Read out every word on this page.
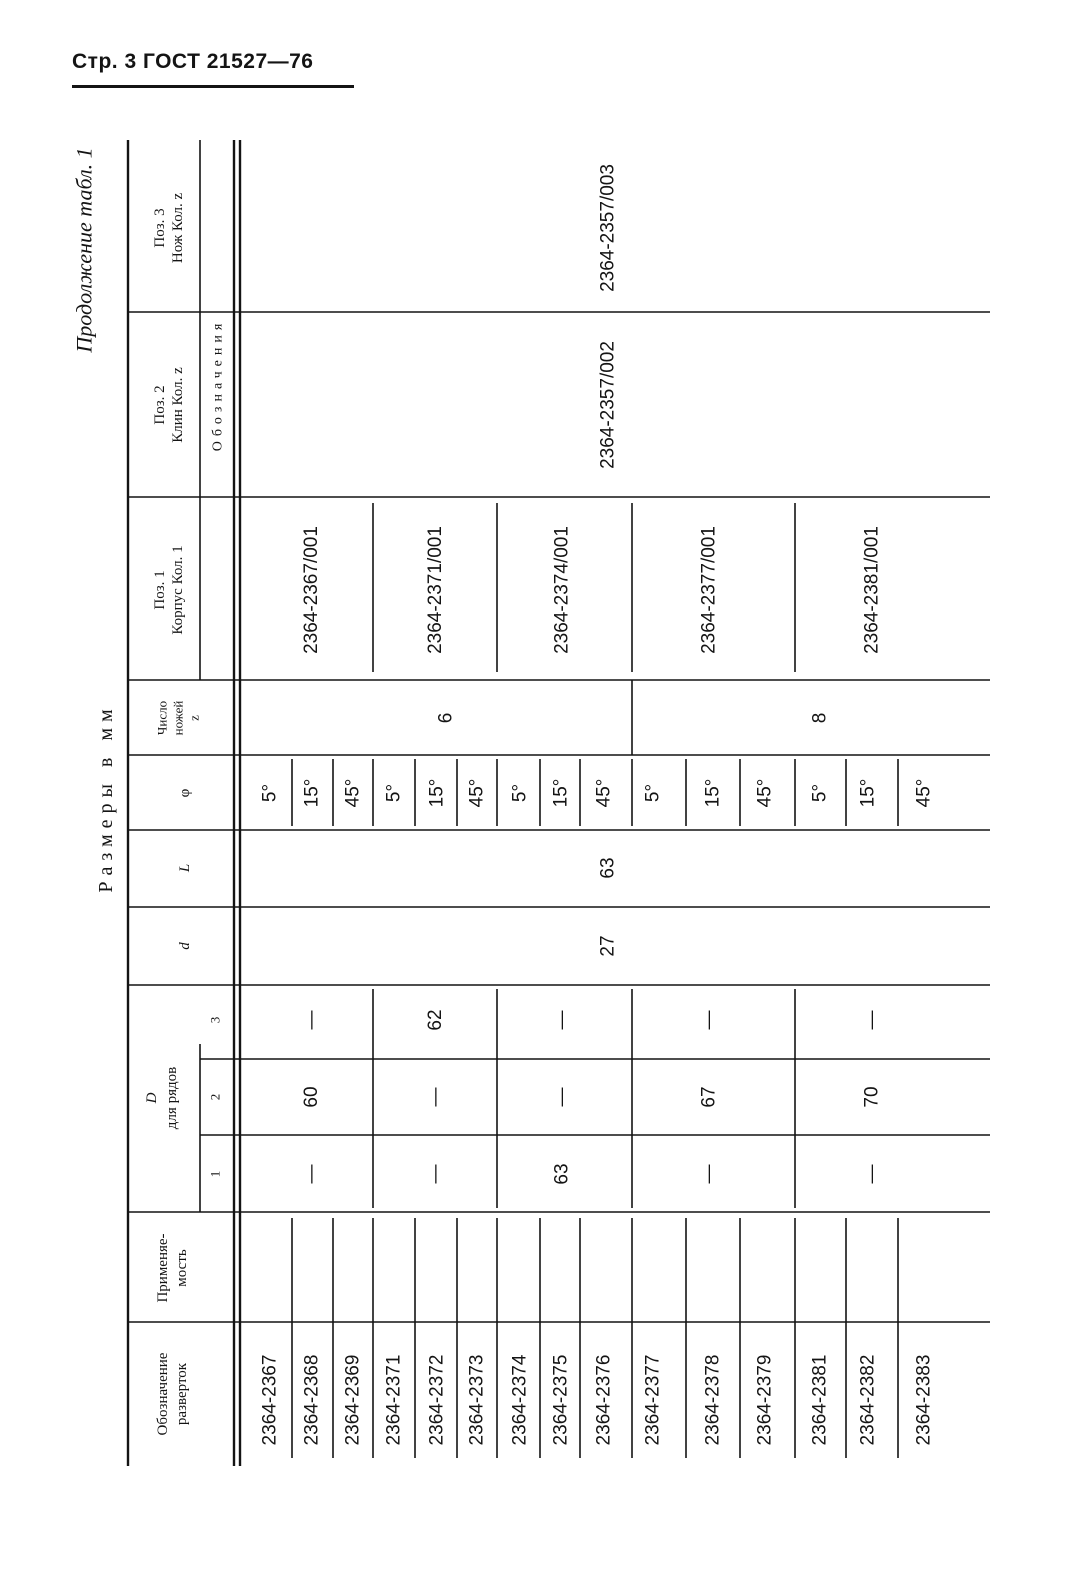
Стр. 3 ГОСТ 21527—76
Обозначение разверток
Применяе- мость
D для рядов
1
2
3
d
L
φ
Число ножей z
Поз. 1 Корпус Кол. 1
Поз. 2 Клин Кол. z
Поз. 3 Нож Кол. z
Обозначения
Продолжение табл. 1
Размеры в мм
2364-2367
5°
2364-2368
15°
2364-2369
45°
2364-2371
5°
2364-2372
15°
2364-2373
45°
2364-2374
5°
2364-2375
15°
2364-2376
45°
2364-2377
5°
2364-2378
15°
2364-2379
45°
2364-2381
5°
2364-2382
15°
2364-2383
45°
—
60
—
2364-2367/001
—
—
62
2364-2371/001
63
—
—
2364-2374/001
—
67
—
2364-2377/001
—
70
—
2364-2381/001
27
63
6	8
2364-2357/002
2364-2357/003
